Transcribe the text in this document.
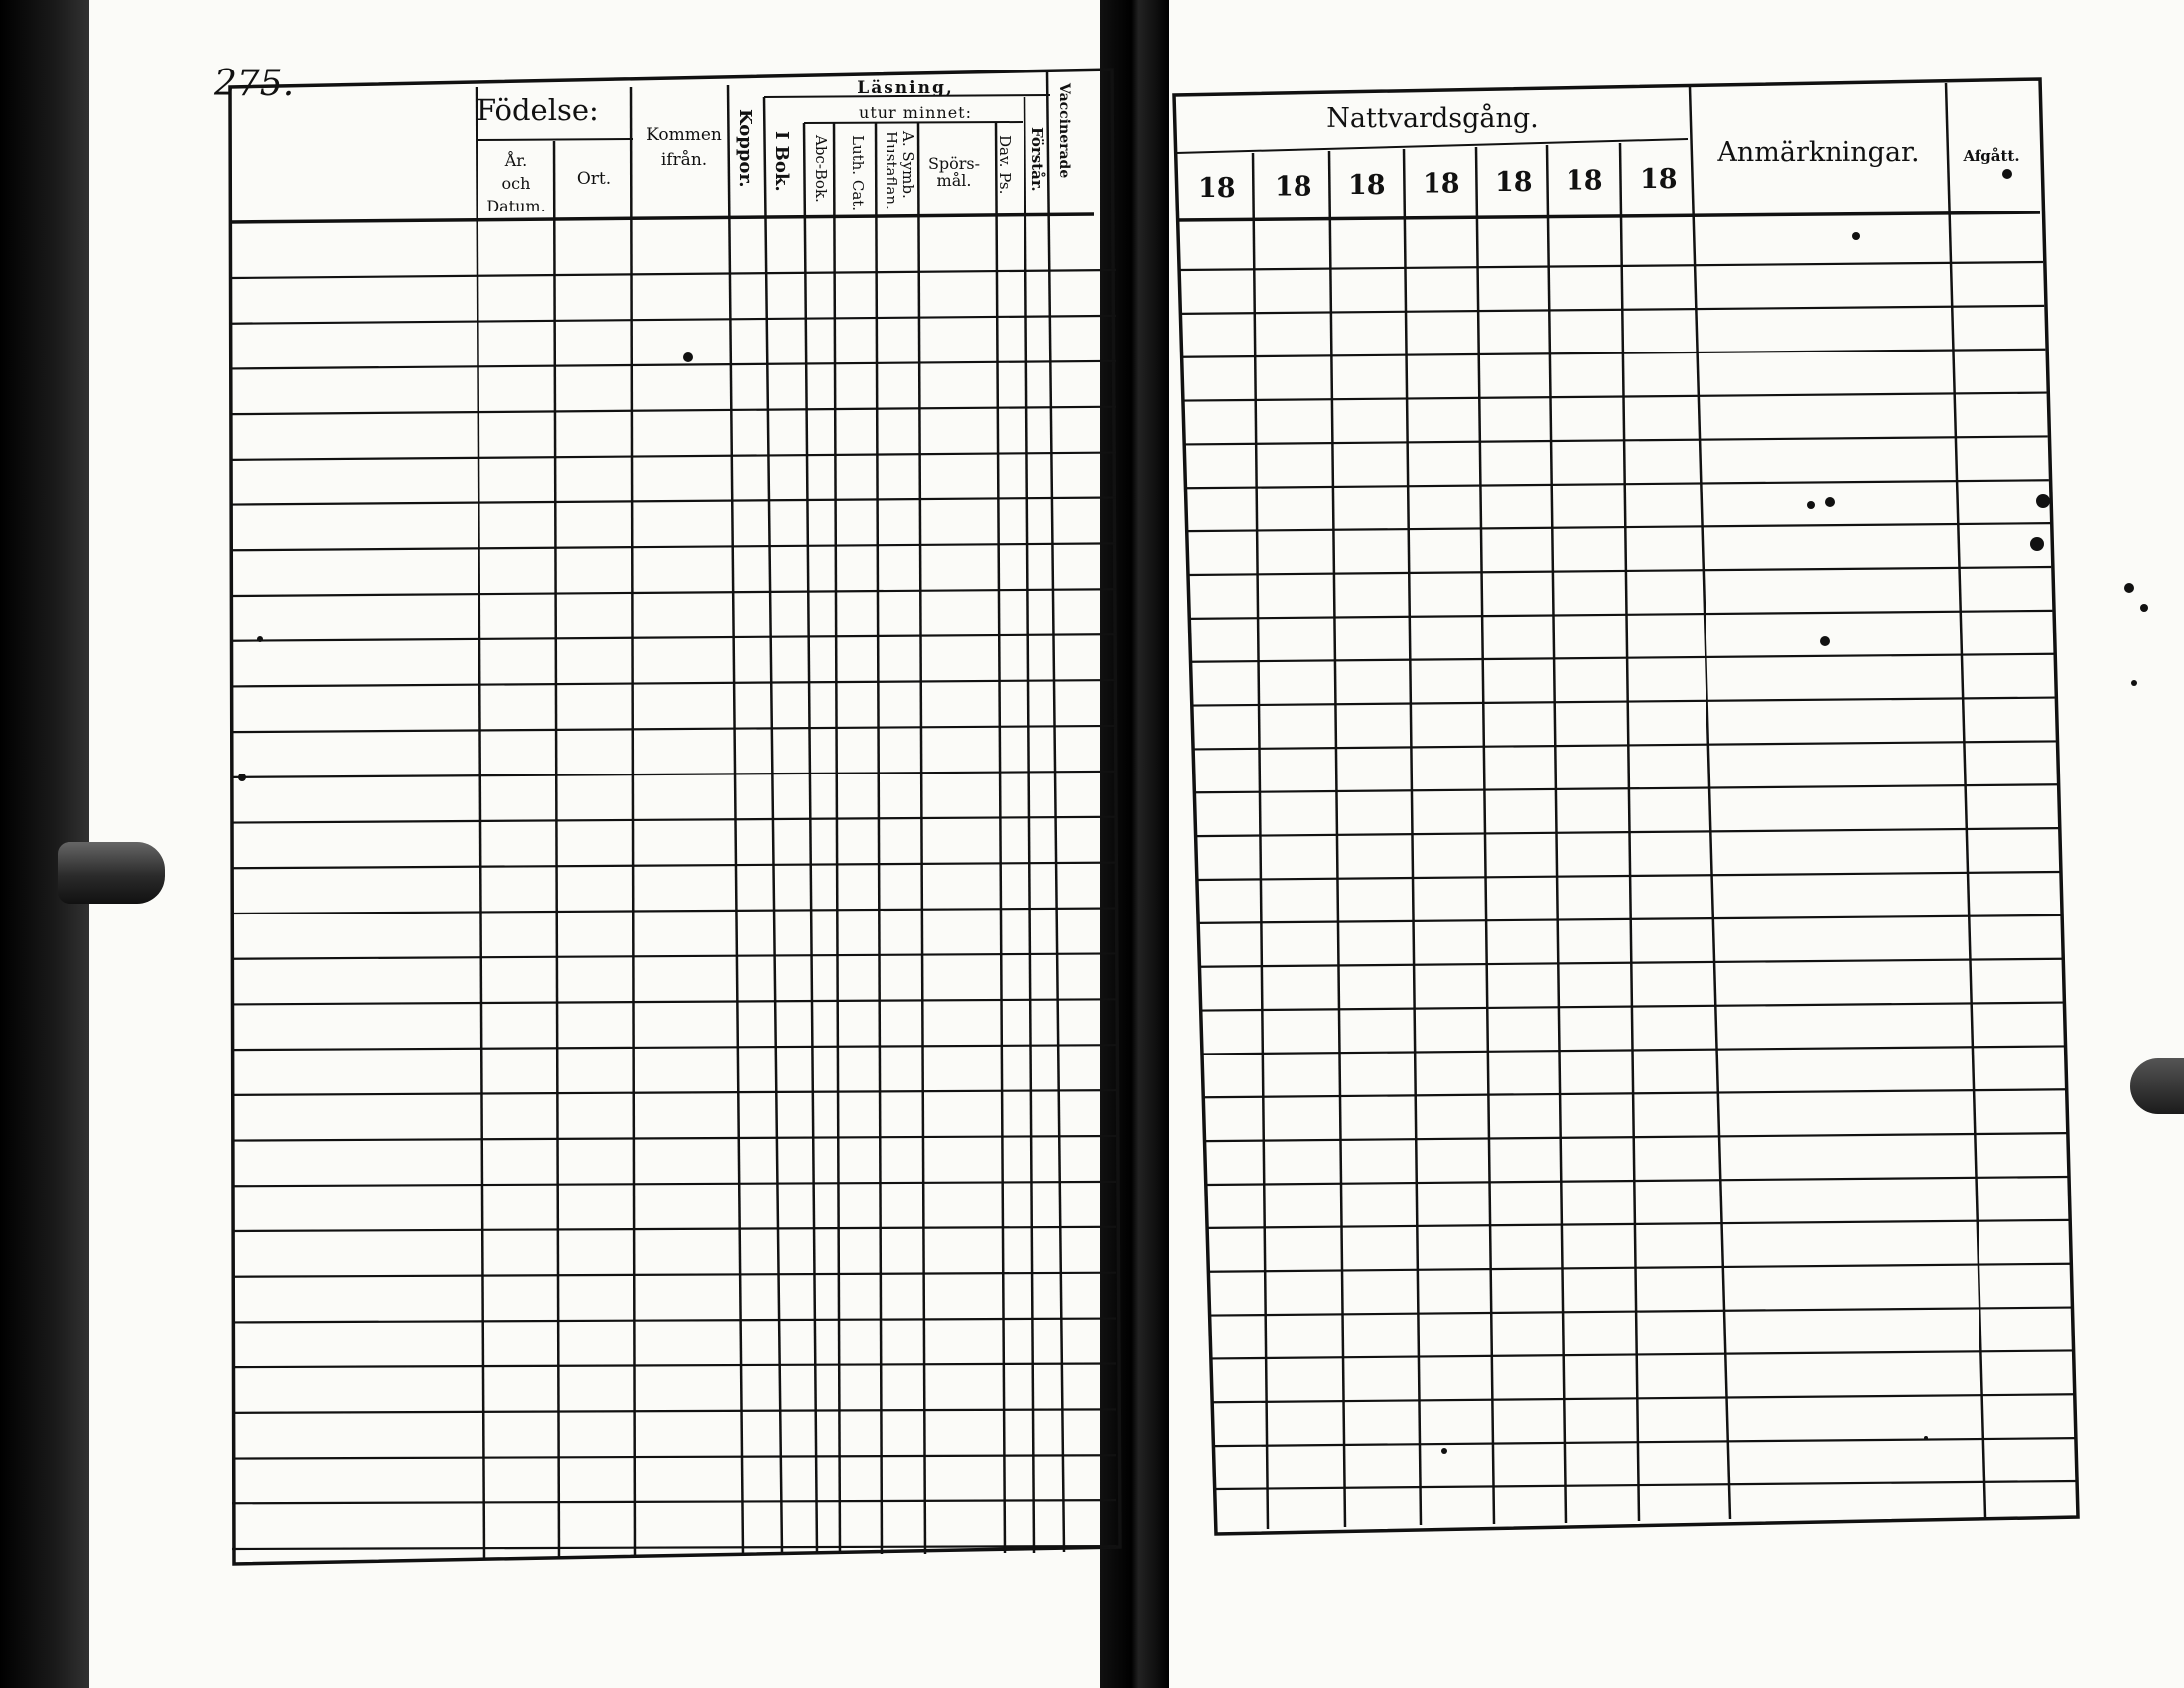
Födelse:
År.
och
Datum.
Ort.
Kommen
ifrån. Koppor.
Läsning,
utur minnet:
I Bok. Abc-Bok. Luth. Cat. A. Symb.
Hustaflan. Spörs-
mål. Dav. Ps. Förstår. Vaccinerade
275.
Nattvardsgång.
18 18 18 18 18 18 18
Anmärkningar.	Afgått.
